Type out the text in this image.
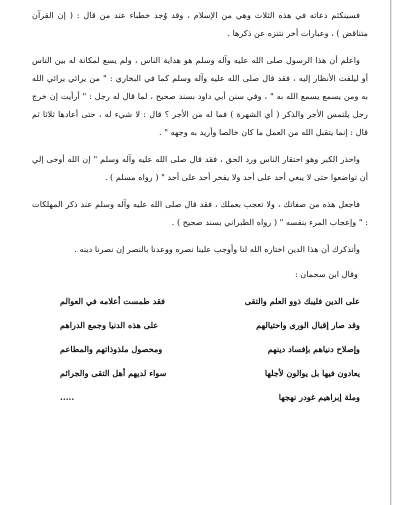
فسينكثم دعاته في هذه الثلاث وهي من الإسلام ، وقد وُجد خطباء عند من قال : ( إن القرآن متناقض ) ، وعبارات أخر نتنزه عن ذكرها .

واعلم أن هذا الرسول صلى الله عليه وآله وسلم هو هداية الناس ، ولم يسع لمكانة له بين الناس أو ليلفت الأنظار إليه ، فقد قال صلى الله عليه وآله وسلم كما في البخاري : " من يرائي يرائي الله به ومن يسمع يسمع الله به " ، وفي سنن أبي داود بسند صحيح ، لما قال له رجل : " أرأيت إن خرج رجل يلتمس الأجر والذكر ( أي الشهرة ) فما له من الأجر ؟ قال : لا شيء له ، حتى أعادها ثلاثا ثم قال : إنما يتقبل الله من العمل ما كان خالصا وأريد به وجهه " .

واحذر الكبر وهو احتقار الناس ورد الحق ، فقد قال صلى الله عليه وآله وسلم " إن الله أوحى إلي أن تواضعوا حتى لا يبغي أحد على أحد ولا يفخر أحد على أحد " ( رواه مسلم ) .

فاجعل هذه من صفاتك ، ولا تعجب بعملك ، فقد قال صلى الله عليه وآله وسلم عند ذكر المهلكات : " وإعجاب المرء بنفسه " ( رواه الطبراني بسند صحيح ) .

وأتذكرك أن هذا الدين اختاره الله لنا وأوجب علينا نصره ووعدنا بالنصر إن نصرنا دينه .

وقال ابن سحمان :

على الدين فليبك ذوو العلم والتقى
فقد طمست أعلامه في العوالم
وقد صار إقبال الورى واحتيالهم
على هذه الدنيا وجمع الدراهم
وإصلاح دنياهم بإفساد دينهم
ومحصول ملذوذاتهم والمطاعم
يعادون فيها بل يوالون لأجلها
سواء لديهم أهل التقى والجرائم
وملة إبراهيم غودر نهجها
.....
